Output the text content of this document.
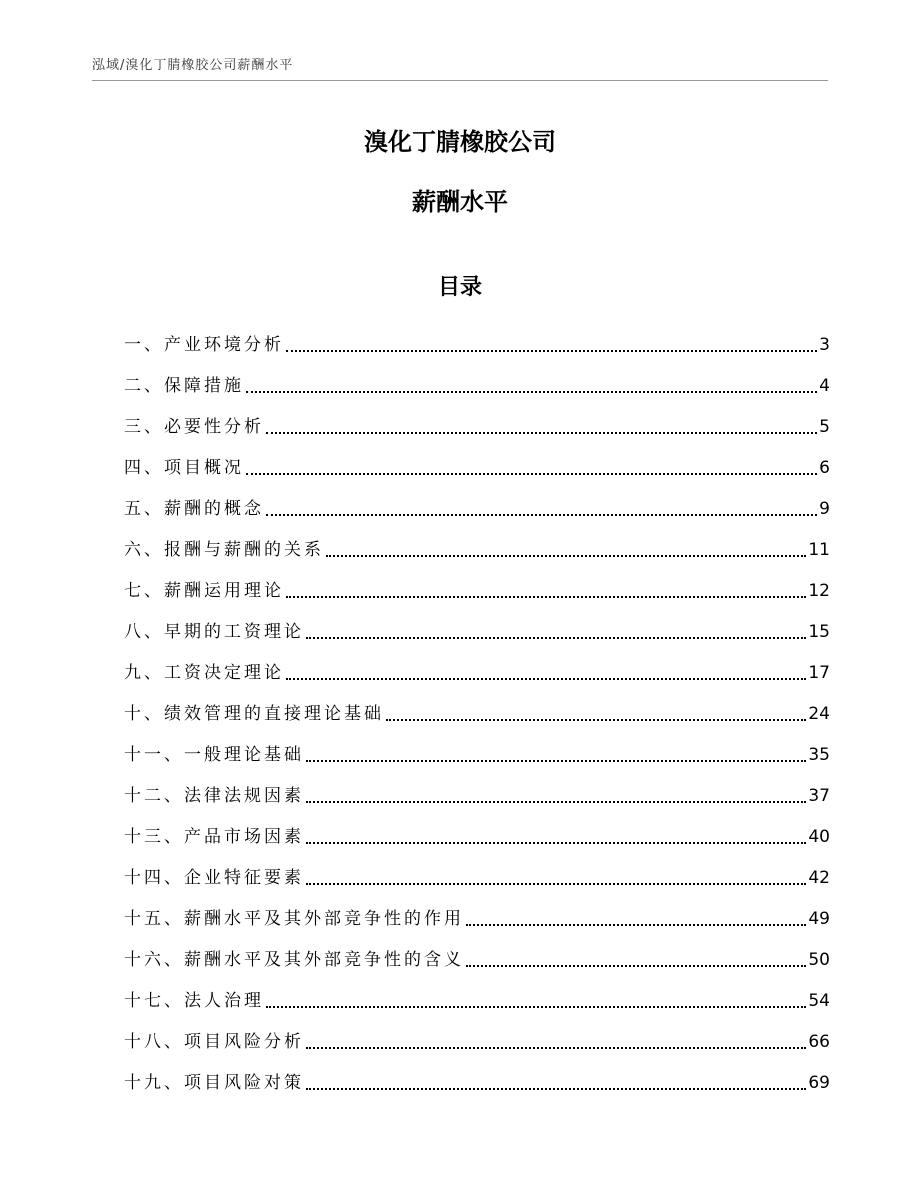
泓域/溴化丁腈橡胶公司薪酬水平
溴化丁腈橡胶公司
薪酬水平
目录
一、 产业环境分析	3
二、 保障措施	4
三、 必要性分析	5
四、 项目概况	6
五、 薪酬的概念	9
六、 报酬与薪酬的关系	11
七、 薪酬运用理论	12
八、 早期的工资理论	15
九、 工资决定理论	17
十、 绩效管理的直接理论基础	24
十一、 一般理论基础	35
十二、 法律法规因素	37
十三、 产品市场因素	40
十四、 企业特征要素	42
十五、 薪酬水平及其外部竞争性的作用	49
十六、 薪酬水平及其外部竞争性的含义	50
十七、 法人治理	54
十八、 项目风险分析	66
十九、 项目风险对策	69
